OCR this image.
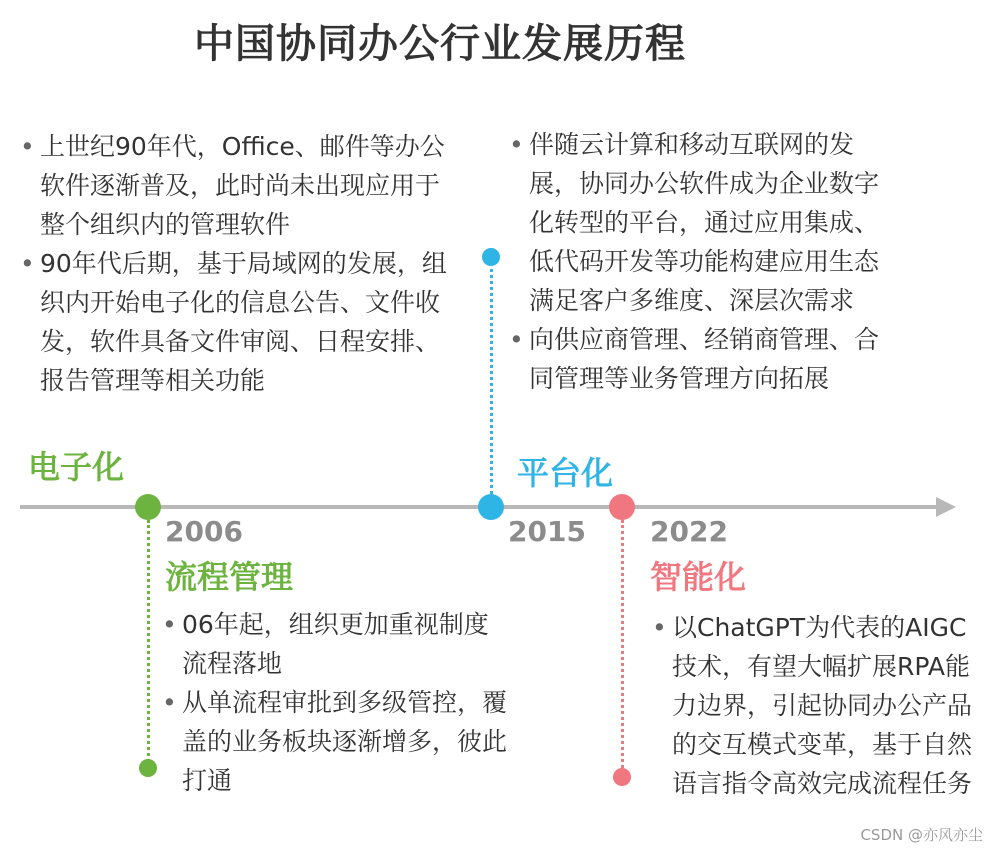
中国协同办公行业发展历程
电子化
• 上世纪90年代，Office、邮件等办公软件逐渐普及，此时尚未出现应用于整个组织内的管理软件
• 90年代后期，基于局域网的发展，组织内开始电子化的信息公告、文件收发，软件具备文件审阅、日程安排、报告管理等相关功能
2006
流程管理
• 06年起，组织更加重视制度流程落地
• 从单流程审批到多级管控，覆盖的业务板块逐渐增多，彼此打通
2015
平台化
• 伴随云计算和移动互联网的发展，协同办公软件成为企业数字化转型的平台，通过应用集成、低代码开发等功能构建应用生态满足客户多维度、深层次需求
• 向供应商管理、经销商管理、合同管理等业务管理方向拓展
2022
智能化
• 以ChatGPT为代表的AIGC技术，有望大幅扩展RPA能力边界，引起协同办公产品的交互模式变革，基于自然语言指令高效完成流程任务
CSDN @亦风亦尘
